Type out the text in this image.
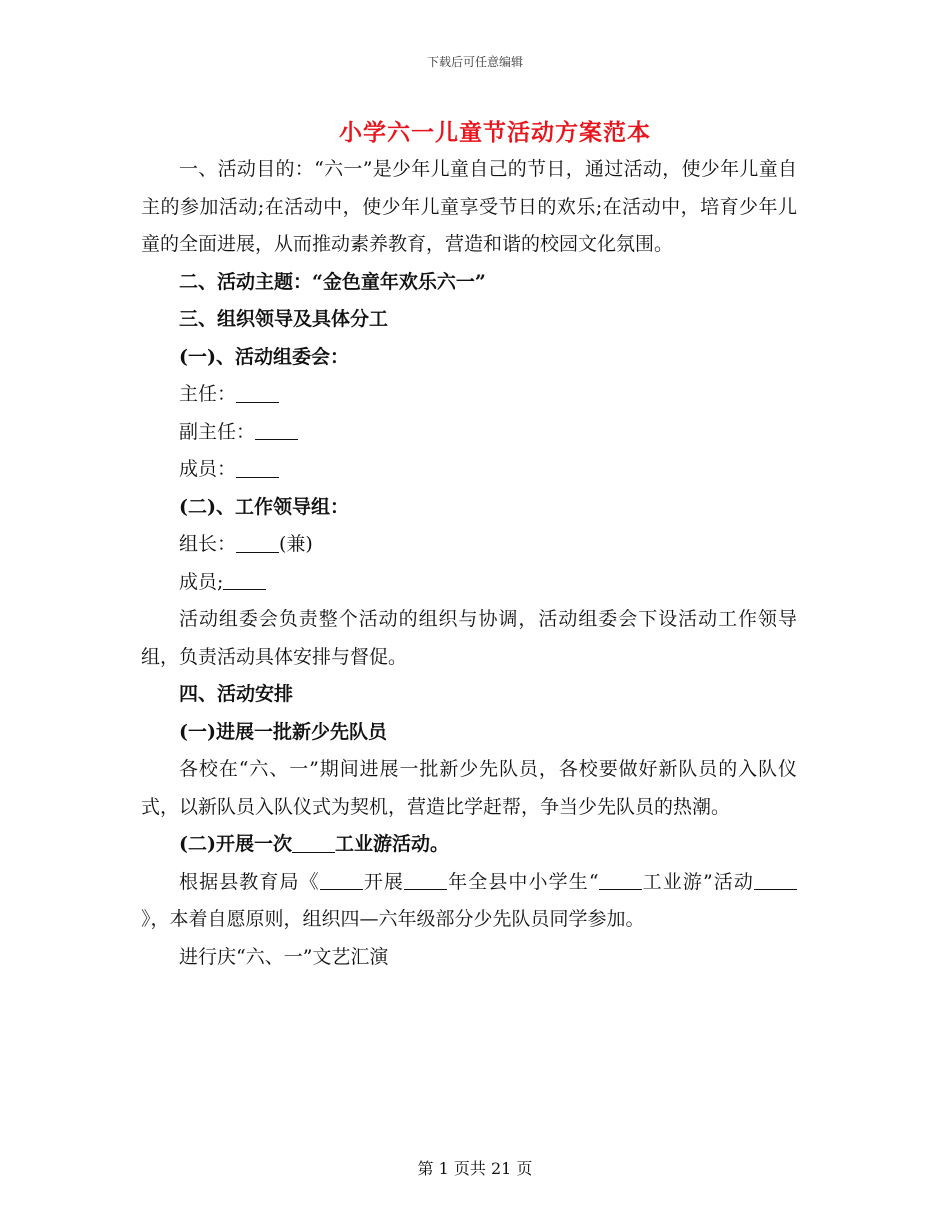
下载后可任意编辑
小学六一儿童节活动方案范本

一、活动目的：“六一”是少年儿童自己的节日，通过活动，使少年儿童自主的参加活动;在活动中，使少年儿童享受节日的欢乐;在活动中，培育少年儿童的全面进展，从而推动素养教育，营造和谐的校园文化氛围。

二、活动主题：“金色童年欢乐六一”

三、组织领导及具体分工

(一)、活动组委会：

主任：

副主任：

成员：

(二)、工作领导组：

组长： (兼)

成员;

活动组委会负责整个活动的组织与协调，活动组委会下设活动工作领导组，负责活动具体安排与督促。

四、活动安排

(一)进展一批新少先队员

各校在“六、一”期间进展一批新少先队员，各校要做好新队员的入队仪式，以新队员入队仪式为契机，营造比学赶帮，争当少先队员的热潮。

(二)开展一次 工业游活动。

根据县教育局《 开展 年全县中小学生“ 工业游”活动》，本着自愿原则，组织四—六年级部分少先队员同学参加。

进行庆“六、一”文艺汇演

第 1 页共 21 页
